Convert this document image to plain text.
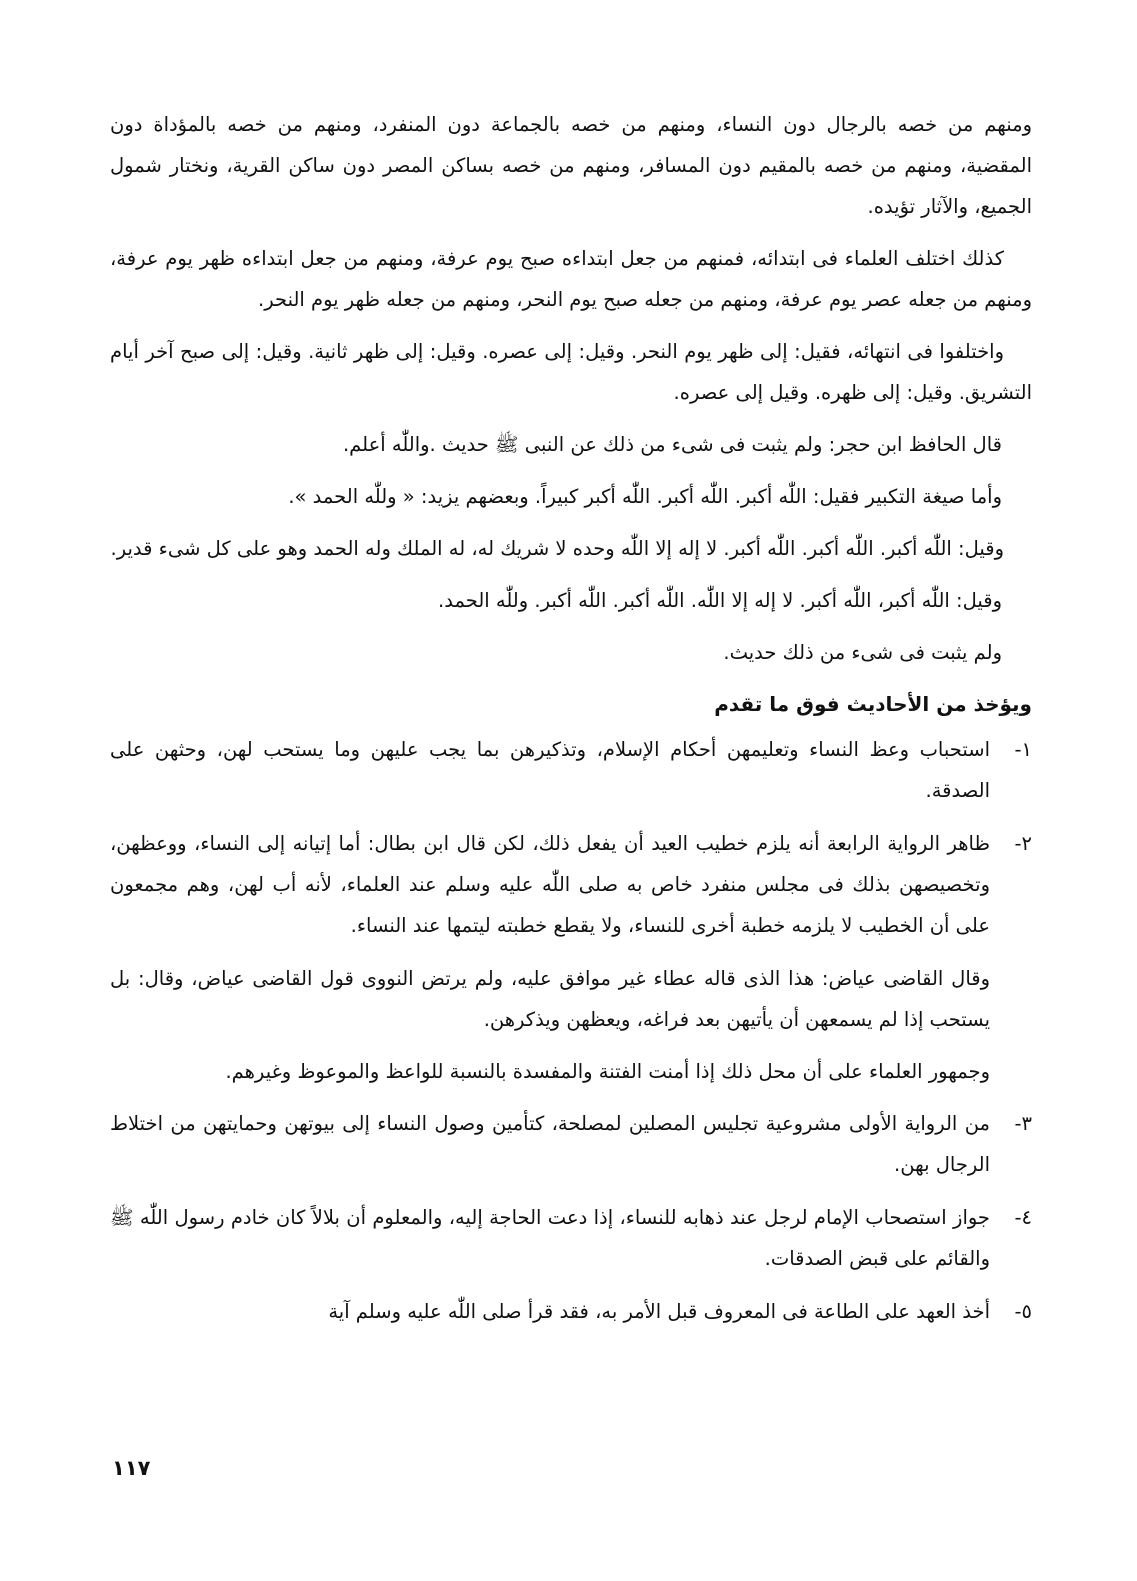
ومنهم من خصه بالرجال دون النساء، ومنهم من خصه بالجماعة دون المنفرد، ومنهم من خصه بالمؤداة دون المقضية، ومنهم من خصه بالمقيم دون المسافر، ومنهم من خصه بساكن المصر دون ساكن القرية، ونختار شمول الجميع، والآثار تؤيده.

كذلك اختلف العلماء فى ابتدائه، فمنهم من جعل ابتداءه صبح يوم عرفة، ومنهم من جعل ابتداءه ظهر يوم عرفة، ومنهم من جعله عصر يوم عرفة، ومنهم من جعله صبح يوم النحر، ومنهم من جعله ظهر يوم النحر.

واختلفوا فى انتهائه، فقيل: إلى ظهر يوم النحر. وقيل: إلى عصره. وقيل: إلى ظهر ثانية. وقيل: إلى صبح آخر أيام التشريق. وقيل: إلى ظهره. وقيل إلى عصره.

قال الحافظ ابن حجر: ولم يثبت فى شىء من ذلك عن النبى ﷺ حديث .واللّٰه أعلم.

وأما صيغة التكبير فقيل: اللّٰه أكبر. اللّٰه أكبر. اللّٰه أكبر كبيراً. وبعضهم يزيد: « وللّٰه الحمد ».

وقيل: اللّٰه أكبر. اللّٰه أكبر. اللّٰه أكبر. لا إله إلا اللّٰه وحده لا شريك له، له الملك وله الحمد وهو على كل شىء قدير.

وقيل: اللّٰه أكبر، اللّٰه أكبر. لا إله إلا اللّٰه. اللّٰه أكبر. اللّٰه أكبر. وللّٰه الحمد.

ولم يثبت فى شىء من ذلك حديث.

ويؤخذ من الأحاديث فوق ما تقدم

١-
استحباب وعظ النساء وتعليمهن أحكام الإسلام، وتذكيرهن بما يجب عليهن وما يستحب لهن، وحثهن على الصدقة.
٢-
ظاهر الرواية الرابعة أنه يلزم خطيب العيد أن يفعل ذلك، لكن قال ابن بطال: أما إتيانه إلى النساء، ووعظهن، وتخصيصهن بذلك فى مجلس منفرد خاص به صلى اللّٰه عليه وسلم عند العلماء، لأنه أب لهن، وهم مجمعون على أن الخطيب لا يلزمه خطبة أخرى للنساء، ولا يقطع خطبته ليتمها عند النساء.

وقال القاضى عياض: هذا الذى قاله عطاء غير موافق عليه، ولم يرتض النووى قول القاضى عياض، وقال: بل يستحب إذا لم يسمعهن أن يأتيهن بعد فراغه، ويعظهن ويذكرهن.

وجمهور العلماء على أن محل ذلك إذا أمنت الفتنة والمفسدة بالنسبة للواعظ والموعوظ وغيرهم.

٣-
من الرواية الأولى مشروعية تجليس المصلين لمصلحة، كتأمين وصول النساء إلى بيوتهن وحمايتهن من اختلاط الرجال بهن.
٤-
جواز استصحاب الإمام لرجل عند ذهابه للنساء، إذا دعت الحاجة إليه، والمعلوم أن بلالاً كان خادم رسول اللّٰه ﷺ والقائم على قبض الصدقات.
٥-
أخذ العهد على الطاعة فى المعروف قبل الأمر به، فقد قرأ صلى اللّٰه عليه وسلم آية
١١٧
